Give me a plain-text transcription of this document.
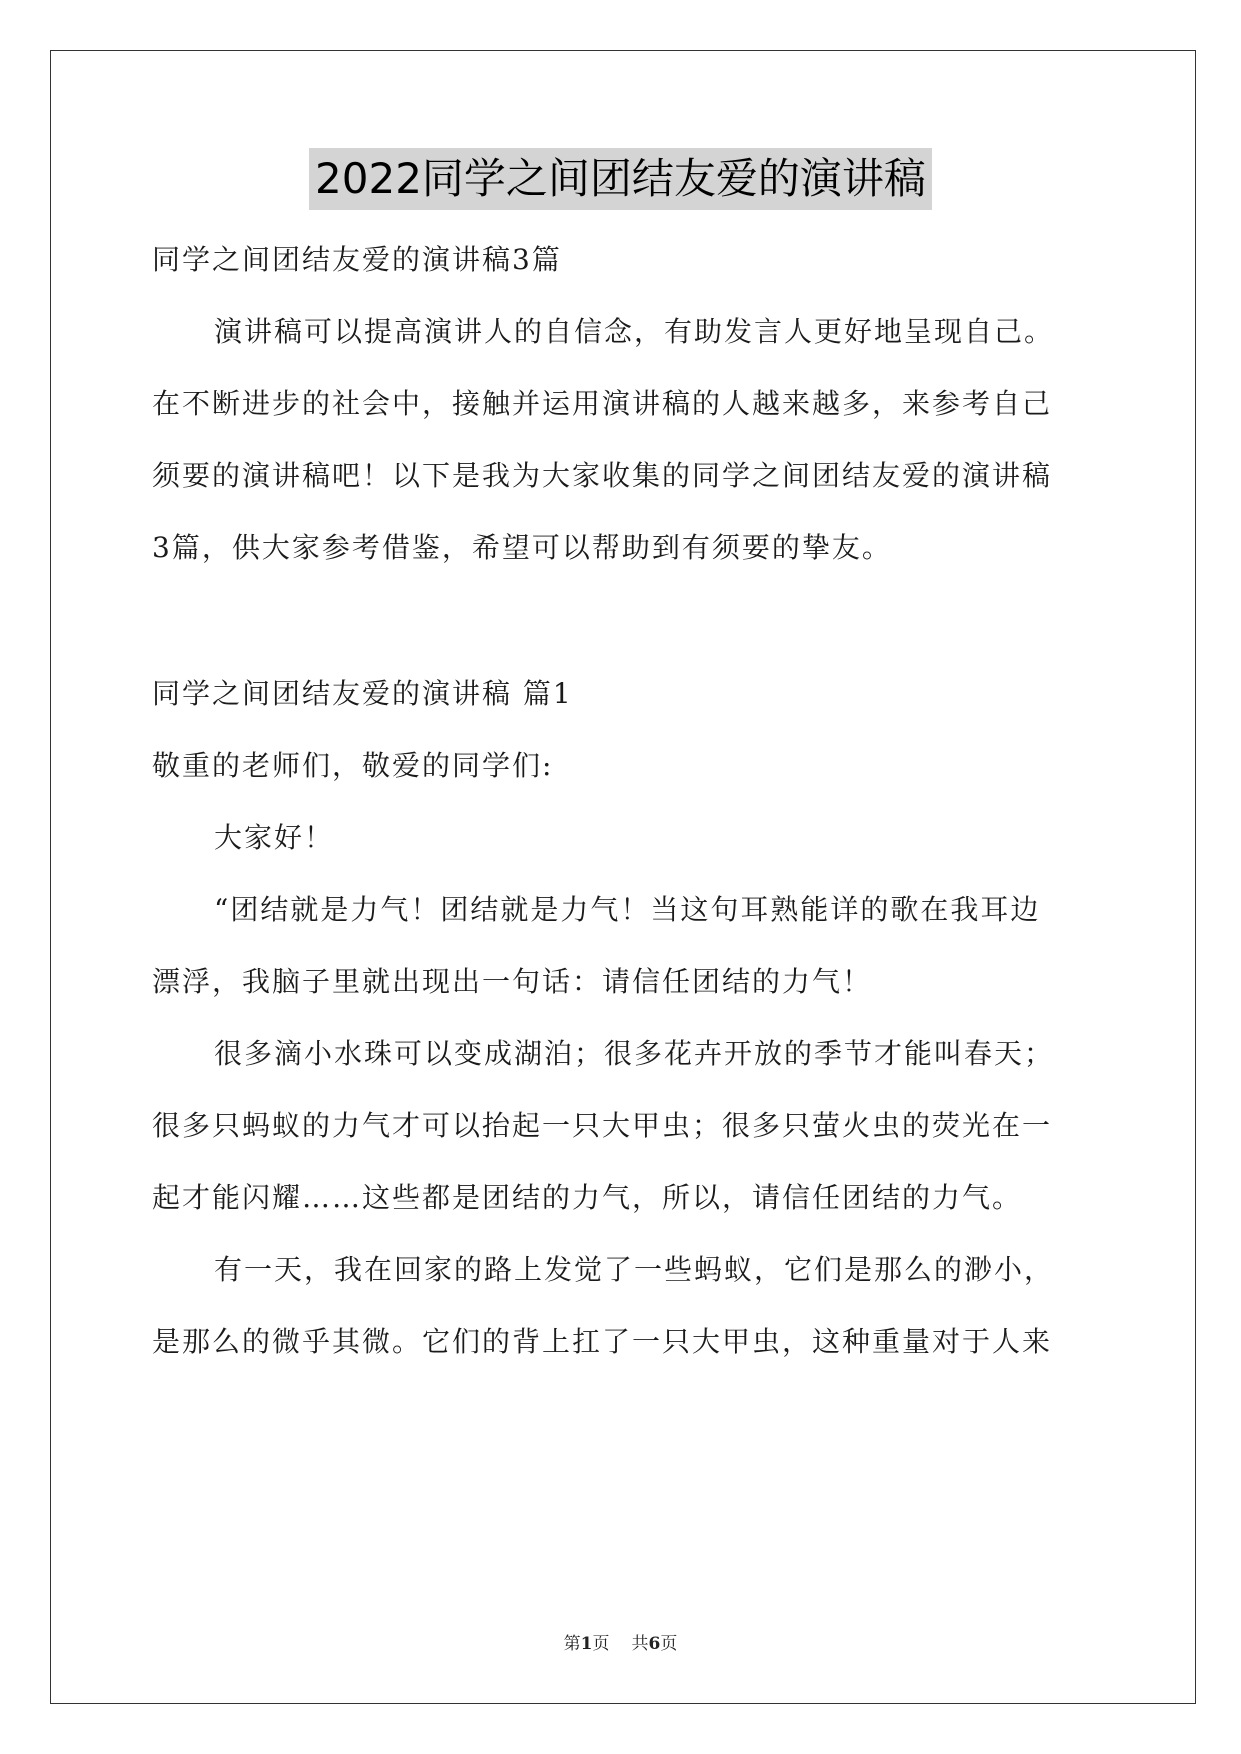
2022同学之间团结友爱的演讲稿
同学之间团结友爱的演讲稿3篇
演讲稿可以提高演讲人的自信念，有助发言人更好地呈现自己。
在不断进步的社会中，接触并运用演讲稿的人越来越多，来参考自己
须要的演讲稿吧！以下是我为大家收集的同学之间团结友爱的演讲稿
3篇，供大家参考借鉴，希望可以帮助到有须要的挚友。
同学之间团结友爱的演讲稿 篇1
敬重的老师们，敬爱的同学们:
大家好！
“团结就是力气！团结就是力气！当这句耳熟能详的歌在我耳边
漂浮，我脑子里就出现出一句话：请信任团结的力气！
很多滴小水珠可以变成湖泊；很多花卉开放的季节才能叫春天；
很多只蚂蚁的力气才可以抬起一只大甲虫；很多只萤火虫的荧光在一
起才能闪耀……这些都是团结的力气，所以，请信任团结的力气。
有一天，我在回家的路上发觉了一些蚂蚁，它们是那么的渺小，
是那么的微乎其微。它们的背上扛了一只大甲虫，这种重量对于人来
第1页 共6页
